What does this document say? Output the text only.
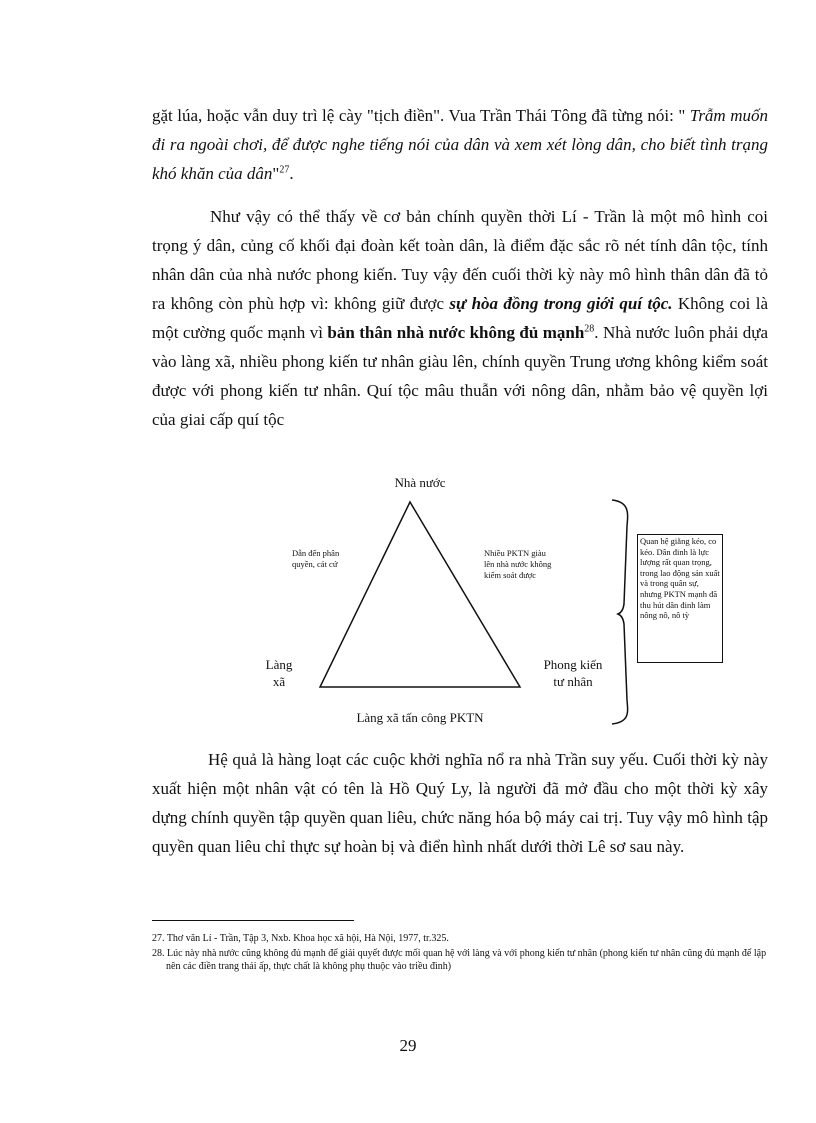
gặt lúa, hoặc vẫn duy trì lệ cày "tịch điền". Vua Trần Thái Tông đã từng nói: " Trẫm muốn đi ra ngoài chơi, để được nghe tiếng nói của dân và xem xét lòng dân, cho biết tình trạng khó khăn của dân"$^{27}$.

Như vậy có thể thấy về cơ bản chính quyền thời Lí - Trần là một mô hình coi trọng ý dân, củng cố khối đại đoàn kết toàn dân, là điểm đặc sắc rõ nét tính dân tộc, tính nhân dân của nhà nước phong kiến. Tuy vậy đến cuối thời kỳ này mô hình thân dân đã tỏ ra không còn phù hợp vì: không giữ được sự hòa đồng trong giới quí tộc. Không coi là một cường quốc mạnh vì bản thân nhà nước không đủ mạnh$^{28}$. Nhà nước luôn phải dựa vào làng xã, nhiều phong kiến tư nhân giàu lên, chính quyền Trung ương không kiểm soát được với phong kiến tư nhân. Quí tộc mâu thuẫn với nông dân, nhằm bảo vệ quyền lợi của giai cấp quí tộc

Nhà nước
Làng
xã
Phong kiến
tư nhân
Làng xã tấn công PKTN
Dẫn đến phân
quyền, cát cứ
Nhiều PKTN giàu
lên nhà nước không
kiểm soát được
Quan hệ giằng kéo, co kéo. Dân đinh là lực lượng rất quan trọng, trong lao động sản xuất và trong quân sự, nhưng PKTN mạnh đã thu hút dân đinh làm nông nô, nô tỳ

Hệ quả là hàng loạt các cuộc khởi nghĩa nổ ra nhà Trần suy yếu. Cuối thời kỳ này xuất hiện một nhân vật có tên là Hồ Quý Ly, là người đã mở đầu cho một thời kỳ xây dựng chính quyền tập quyền quan liêu, chức năng hóa bộ máy cai trị. Tuy vậy mô hình tập quyền quan liêu chỉ thực sự hoàn bị và điển hình nhất dưới thời Lê sơ sau này.

27. Thơ văn Lí - Trần, Tập 3, Nxb. Khoa học xã hội, Hà Nội, 1977, tr.325.

28. Lúc này nhà nước cũng không đủ mạnh để giải quyết được mối quan hệ với làng và với phong kiến tư nhân (phong kiến tư nhân cũng đủ mạnh để lập nên các điền trang thái ấp, thực chất là không phụ thuộc vào triều đình)

29
